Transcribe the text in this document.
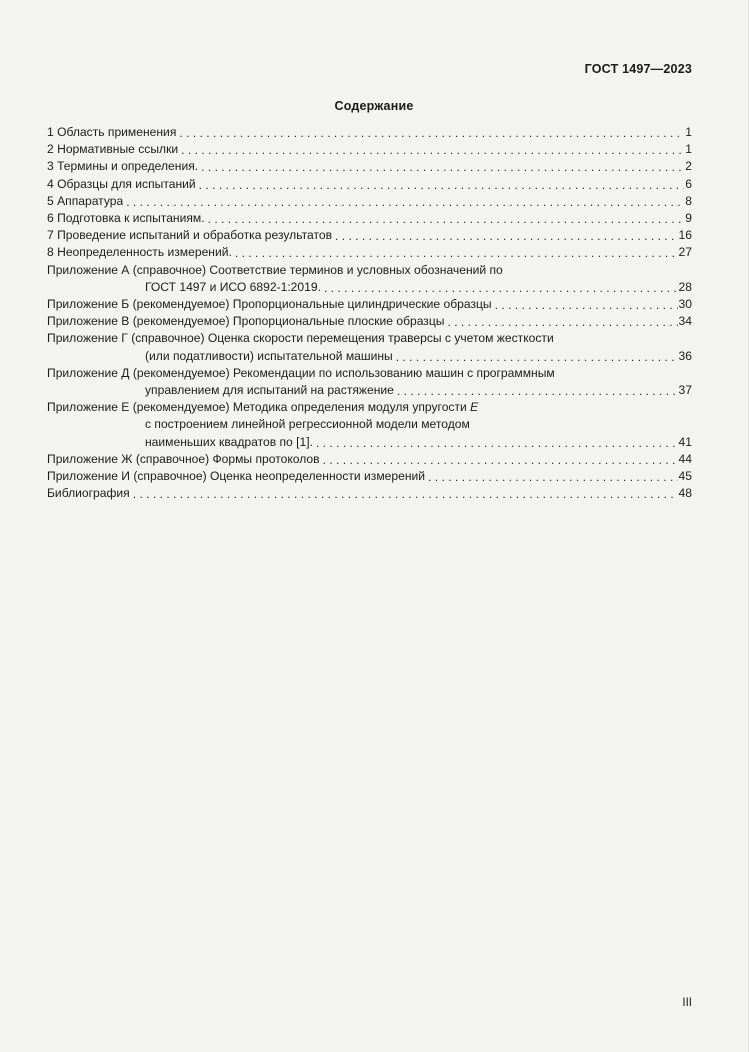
ГОСТ 1497—2023
Содержание
1 Область применения . . .	1
2 Нормативные ссылки . . .	1
3 Термины и определения. . . .	2
4 Образцы для испытаний . . .	6
5 Аппаратура . . .	8
6 Подготовка к испытаниям. . . .	9
7 Проведение испытаний и обработка результатов . . .	16
8 Неопределенность измерений. . . .	27
Приложение А (справочное) Соответствие терминов и условных обозначений по
ГОСТ 1497 и ИСО 6892-1:2019. . . .	28
Приложение Б (рекомендуемое) Пропорциональные цилиндрические образцы . . .	30
Приложение В (рекомендуемое) Пропорциональные плоские образцы . . .	34
Приложение Г (справочное) Оценка скорости перемещения траверсы с учетом жесткости
(или податливости) испытательной машины . . .	36
Приложение Д (рекомендуемое) Рекомендации по использованию машин с программным
управлением для испытаний на растяжение . . .	37
Приложение Е (рекомендуемое) Методика определения модуля упругости E
с построением линейной регрессионной модели методом
наименьших квадратов по [1]. . . .	41
Приложение Ж (справочное) Формы протоколов . . .	44
Приложение И (справочное) Оценка неопределенности измерений . . .	45
Библиография . . .	48
III
